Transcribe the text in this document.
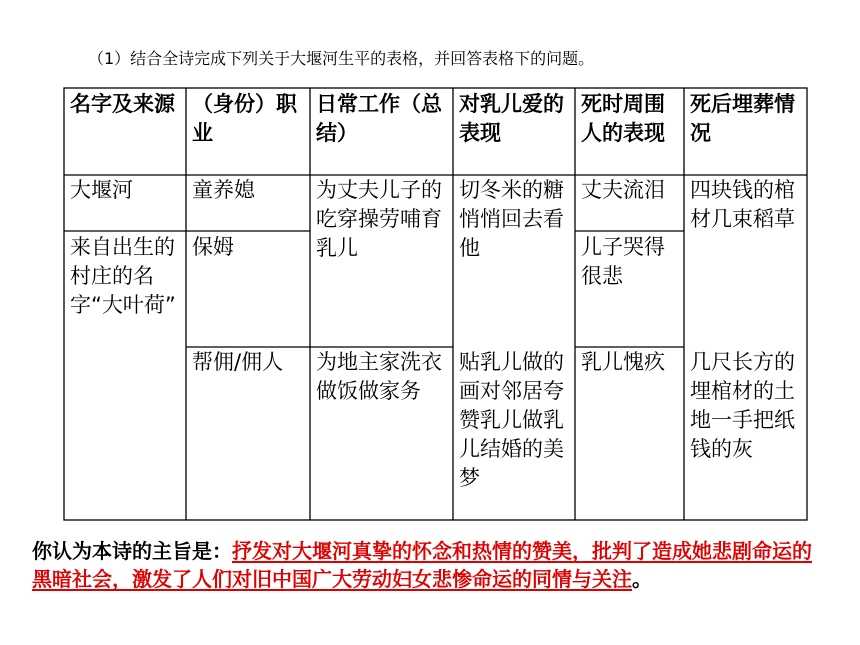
（1）结合全诗完成下列关于大堰河生平的表格，并回答表格下的问题。
名字及来源 （身份）职业
日常工作（总结）
对乳儿爱的表现
死时周围人的表现
死后埋葬情况
大堰河
来自出生的村庄的名字“大叶荷”
童养媳
保姆
帮佣/佣人
为丈夫儿子的吃穿操劳哺育乳儿
为地主家洗衣做饭做家务
切冬米的糖悄悄回去看他
贴乳儿做的画对邻居夸赞乳儿做乳儿结婚的美梦
丈夫流泪
儿子哭得很悲
乳儿愧疚
四块钱的棺材几束稻草
几尺长方的埋棺材的土地一手把纸钱的灰
你认为本诗的主旨是：抒发对大堰河真挚的怀念和热情的赞美，批判了造成她悲剧命运的黑暗社会，激发了人们对旧中国广大劳动妇女悲惨命运的同情与关注。
